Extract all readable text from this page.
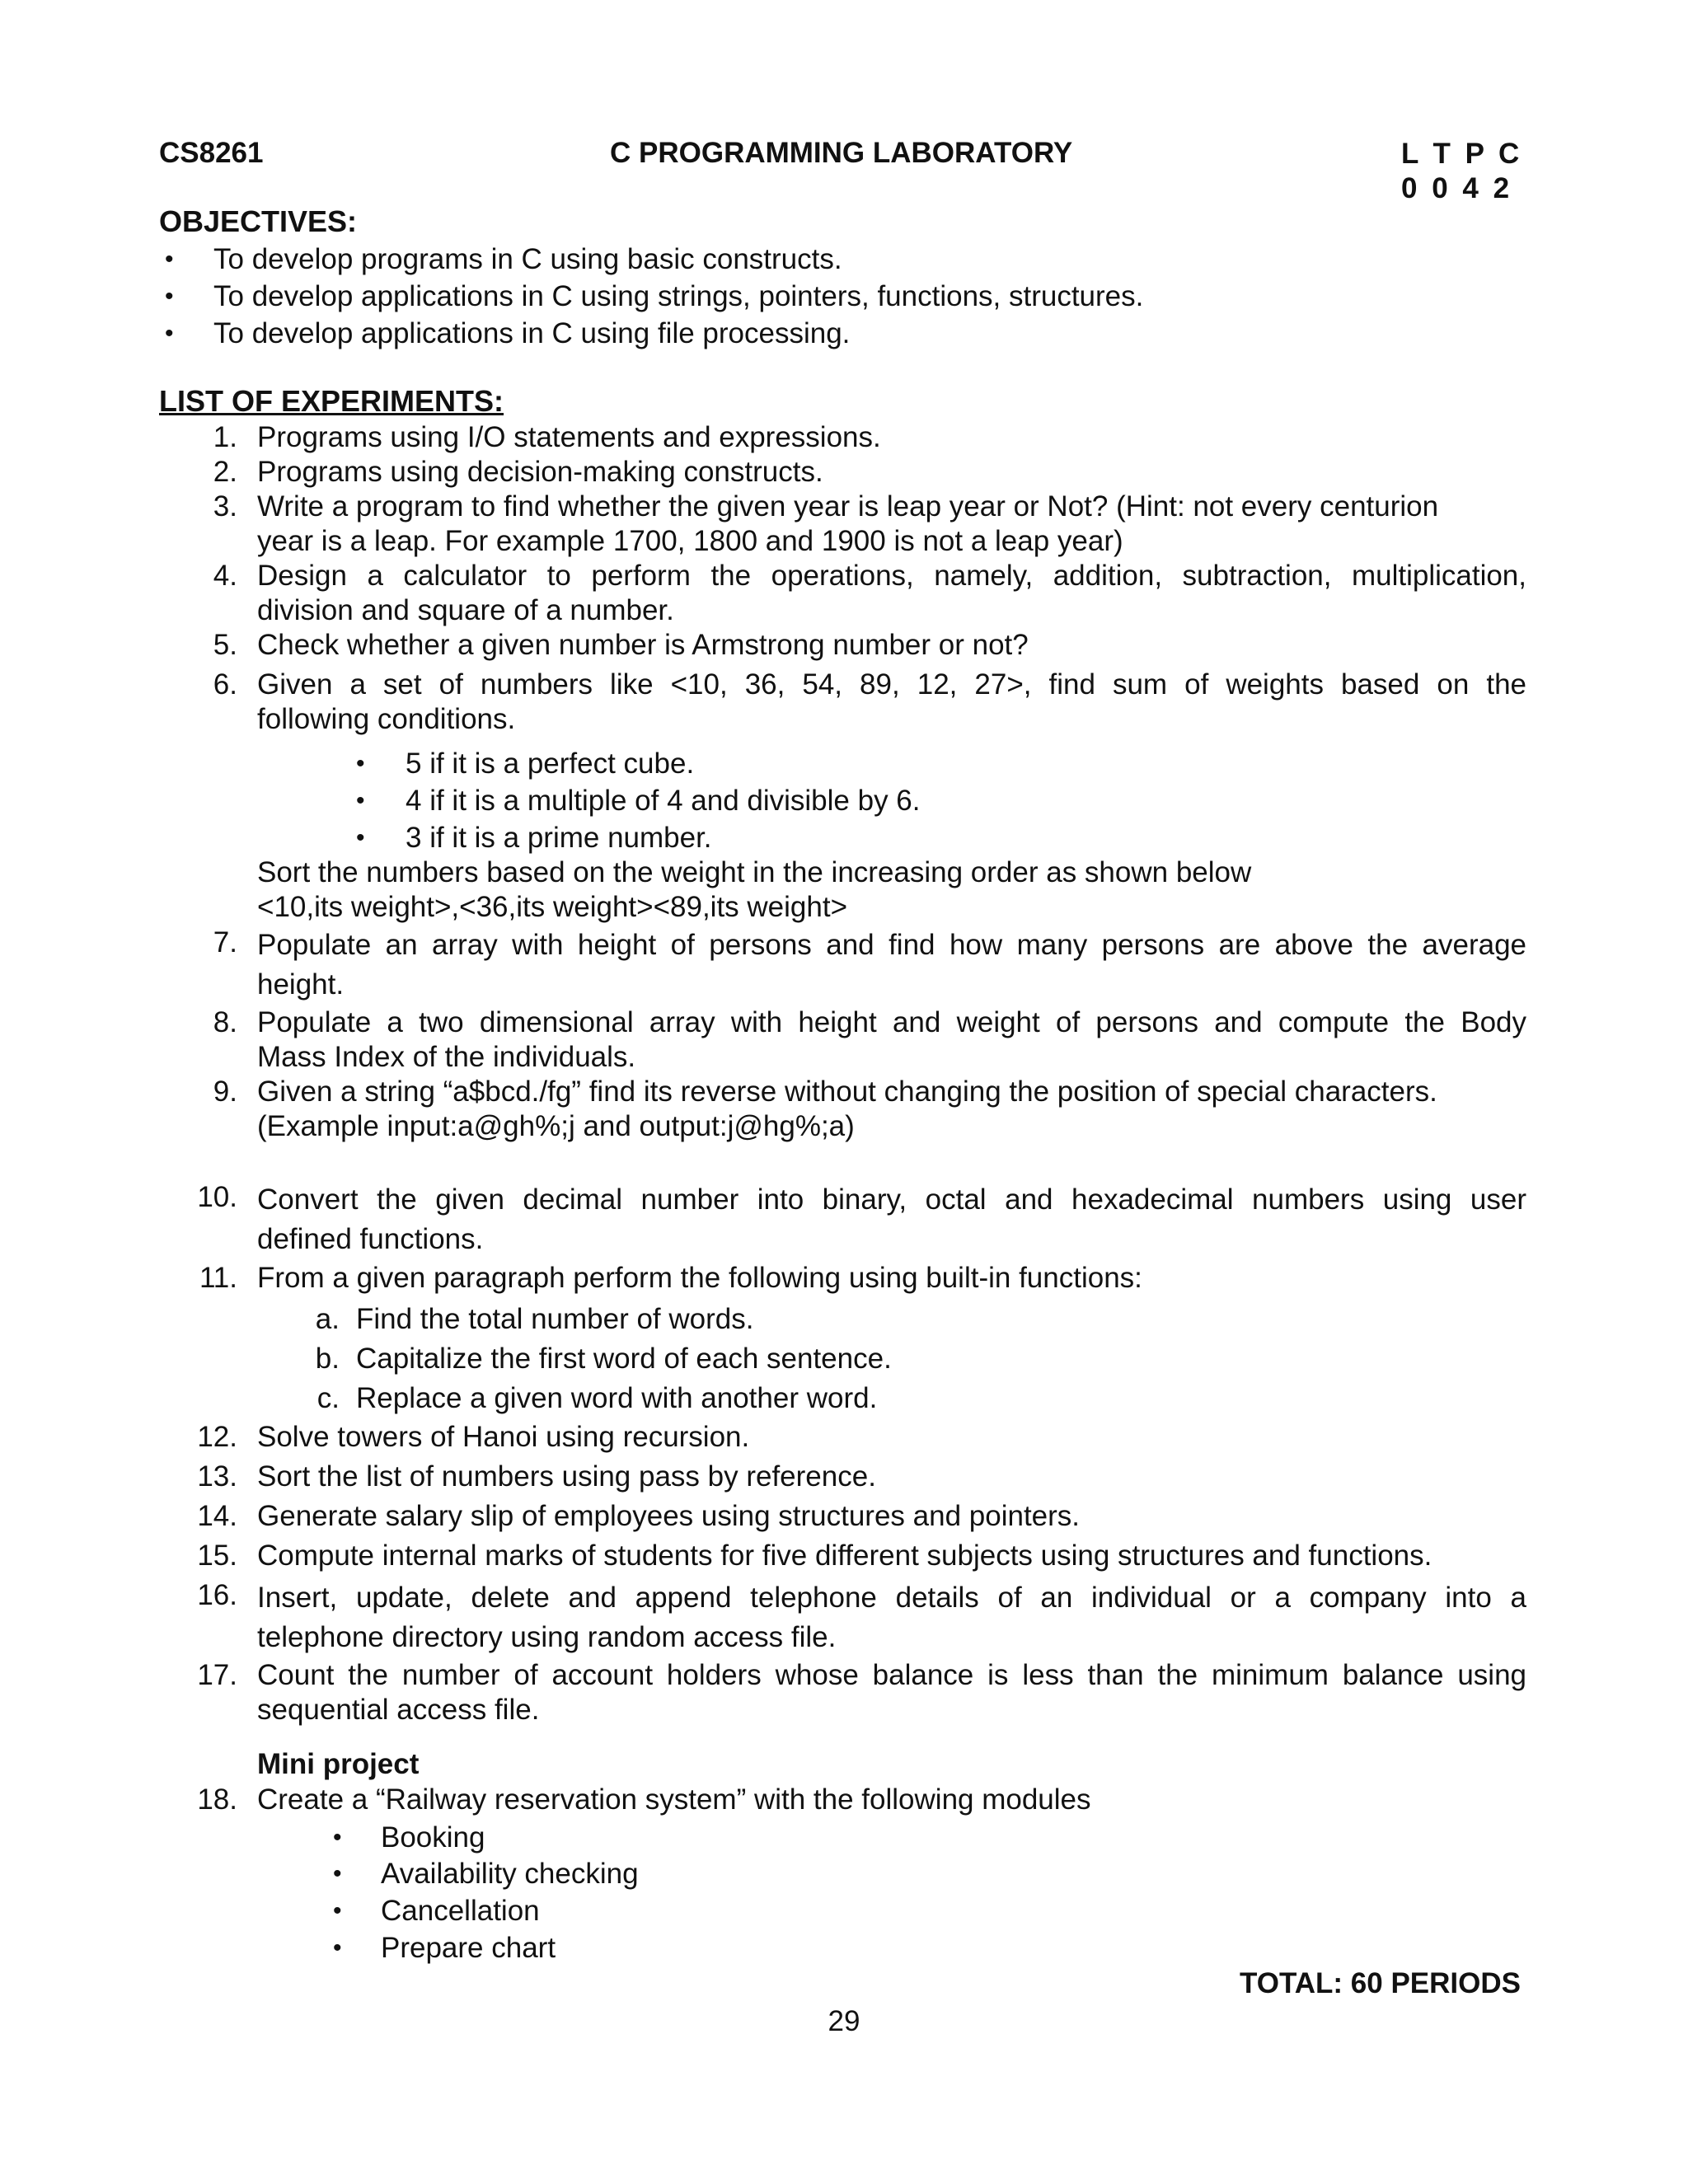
CS8261	C PROGRAMMING LABORATORY	L T P C
0 0 4 2
OBJECTIVES:
• To develop programs in C using basic constructs.
• To develop applications in C using strings, pointers, functions, structures.
• To develop applications in C using file processing.
LIST OF EXPERIMENTS:
1. Programs using I/O statements and expressions.
2. Programs using decision-making constructs.
3. Write a program to find whether the given year is leap year or Not? (Hint: not every centurion
year is a leap. For example 1700, 1800 and 1900 is not a leap year)
4. Design a calculator to perform the operations, namely, addition, subtraction, multiplication,
division and square of a number.
5. Check whether a given number is Armstrong number or not?
6. Given a set of numbers like <10, 36, 54, 89, 12, 27>, find sum of weights based on the
following conditions.
• 5 if it is a perfect cube.
• 4 if it is a multiple of 4 and divisible by 6.
• 3 if it is a prime number.
Sort the numbers based on the weight in the increasing order as shown below
<10,its weight>,<36,its weight><89,its weight>
7. Populate an array with height of persons and find how many persons are above the average
height.
8. Populate a two dimensional array with height and weight of persons and compute the Body
Mass Index of the individuals.
9. Given a string “a$bcd./fg” find its reverse without changing the position of special characters.
(Example input:a@gh%;j and output:j@hg%;a)
10. Convert the given decimal number into binary, octal and hexadecimal numbers using user
defined functions.
11. From a given paragraph perform the following using built-in functions:
a. Find the total number of words.
b. Capitalize the first word of each sentence.
c. Replace a given word with another word.
12. Solve towers of Hanoi using recursion.
13. Sort the list of numbers using pass by reference.
14. Generate salary slip of employees using structures and pointers.
15. Compute internal marks of students for five different subjects using structures and functions.
16. Insert, update, delete and append telephone details of an individual or a company into a
telephone directory using random access file.
17. Count the number of account holders whose balance is less than the minimum balance using
sequential access file.
Mini project
18. Create a “Railway reservation system” with the following modules
• Booking
• Availability checking
• Cancellation
• Prepare chart
TOTAL: 60 PERIODS
29
